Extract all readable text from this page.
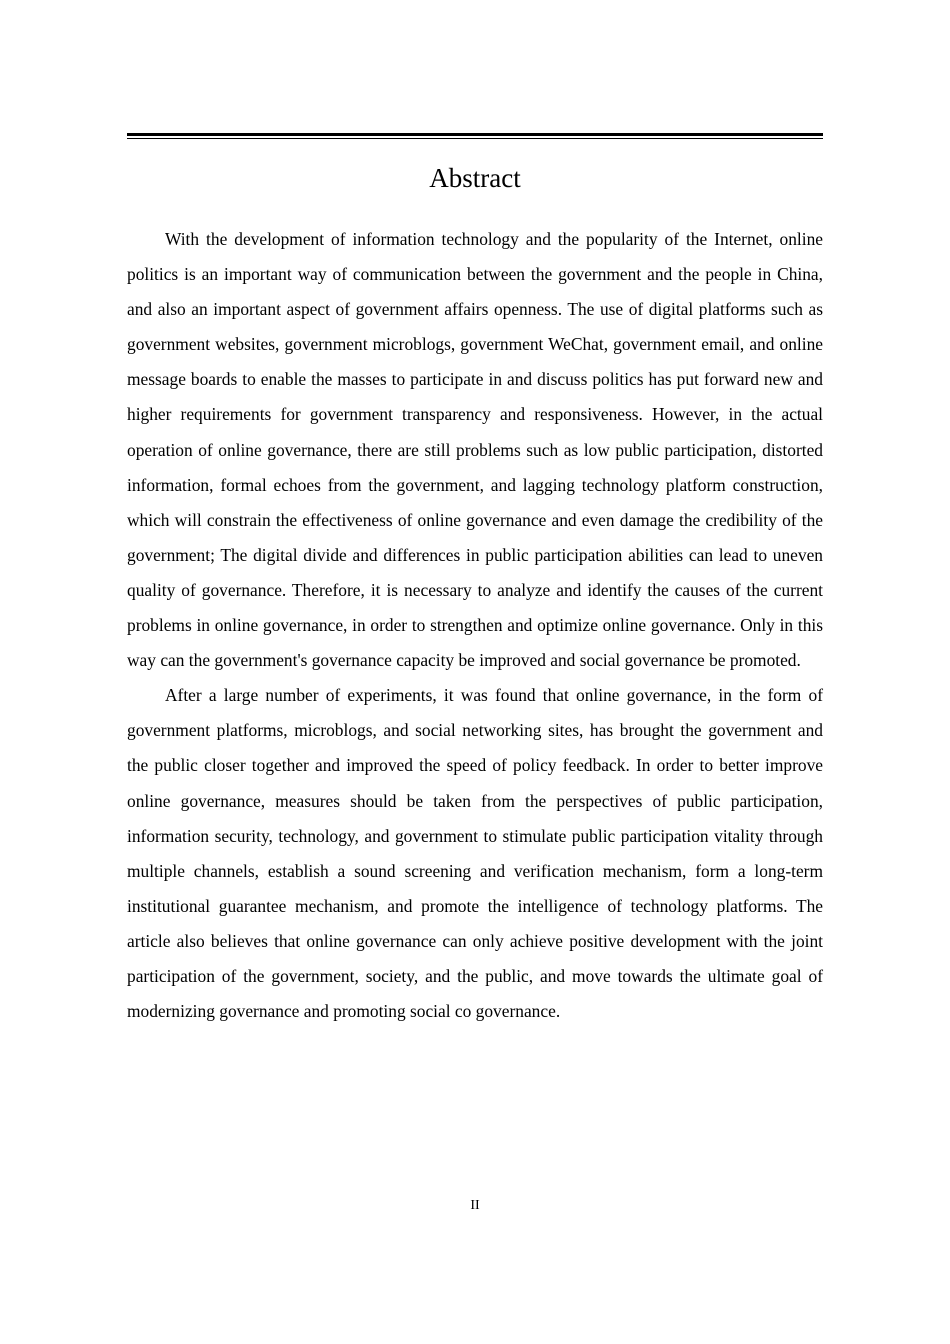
Abstract

With the development of information technology and the popularity of the Internet, online politics is an important way of communication between the government and the people in China, and also an important aspect of government affairs openness. The use of digital platforms such as government websites, government microblogs, government WeChat, government email, and online message boards to enable the masses to participate in and discuss politics has put forward new and higher requirements for government transparency and responsiveness. However, in the actual operation of online governance, there are still problems such as low public participation, distorted information, formal echoes from the government, and lagging technology platform construction, which will constrain the effectiveness of online governance and even damage the credibility of the government; The digital divide and differences in public participation abilities can lead to uneven quality of governance. Therefore, it is necessary to analyze and identify the causes of the current problems in online governance, in order to strengthen and optimize online governance. Only in this way can the government's governance capacity be improved and social governance be promoted.

After a large number of experiments, it was found that online governance, in the form of government platforms, microblogs, and social networking sites, has brought the government and the public closer together and improved the speed of policy feedback. In order to better improve online governance, measures should be taken from the perspectives of public participation, information security, technology, and government to stimulate public participation vitality through multiple channels, establish a sound screening and verification mechanism, form a long-term institutional guarantee mechanism, and promote the intelligence of technology platforms. The article also believes that online governance can only achieve positive development with the joint participation of the government, society, and the public, and move towards the ultimate goal of modernizing governance and promoting social co governance.

II
